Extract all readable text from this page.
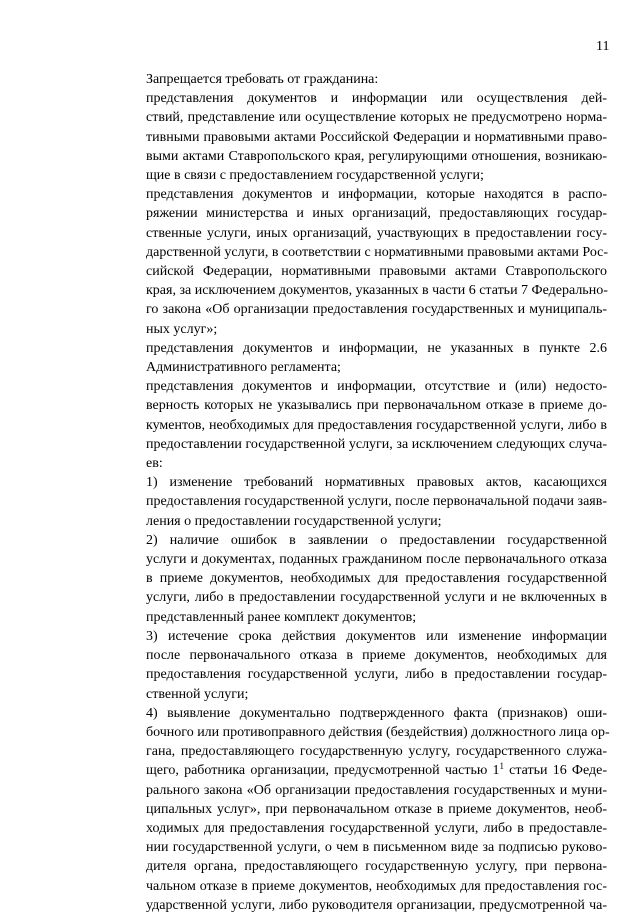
11

Запрещается требовать от гражданина:

представления документов и информации или осуществления дей-
ствий, представление или осуществление которых не предусмотрено норма-
тивными правовыми актами Российской Федерации и нормативными право-
выми актами Ставропольского края, регулирующими отношения, возникаю-
щие в связи с предоставлением государственной услуги;

представления документов и информации, которые находятся в распо-
ряжении министерства и иных организаций, предоставляющих государ-
ственные услуги, иных организаций, участвующих в предоставлении госу-
дарственной услуги, в соответствии с нормативными правовыми актами Рос-
сийской Федерации, нормативными правовыми актами Ставропольского
края, за исключением документов, указанных в части 6 статьи 7 Федерально-
го закона «Об организации предоставления государственных и муниципаль-
ных услуг»;

представления документов и информации, не указанных в пункте 2.6
Административного регламента;

представления документов и информации, отсутствие и (или) недосто-
верность которых не указывались при первоначальном отказе в приеме до-
кументов, необходимых для предоставления государственной услуги, либо в
предоставлении государственной услуги, за исключением следующих случа-
ев:

1) изменение требований нормативных правовых актов, касающихся
предоставления государственной услуги, после первоначальной подачи заяв-
ления о предоставлении государственной услуги;

2) наличие ошибок в заявлении о предоставлении государственной
услуги и документах, поданных гражданином после первоначального отказа
в приеме документов, необходимых для предоставления государственной
услуги, либо в предоставлении государственной услуги и не включенных в
представленный ранее комплект документов;

3) истечение срока действия документов или изменение информации
после первоначального отказа в приеме документов, необходимых для
предоставления государственной услуги, либо в предоставлении государ-
ственной услуги;

4) выявление документально подтвержденного факта (признаков) оши-
бочного или противоправного действия (бездействия) должностного лица ор-
гана, предоставляющего государственную услугу, государственного служа-
щего, работника организации, предусмотренной частью $1^1$ статьи 16 Феде-
рального закона «Об организации предоставления государственных и муни-
ципальных услуг», при первоначальном отказе в приеме документов, необ-
ходимых для предоставления государственной услуги, либо в предоставле-
нии государственной услуги, о чем в письменном виде за подписью руково-
дителя органа, предоставляющего государственную услугу, при первона-
чальном отказе в приеме документов, необходимых для предоставления гос-
ударственной услуги, либо руководителя организации, предусмотренной ча-
